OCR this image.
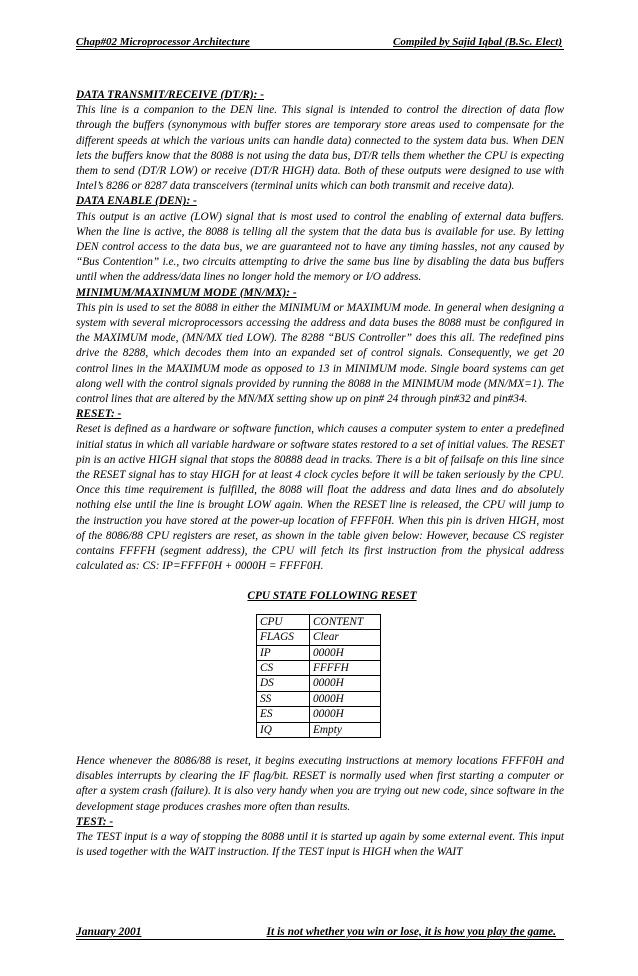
Chap#02 Microprocessor Architecture	Compiled by Sajid Iqbal (B.Sc. Elect)
DATA TRANSMIT/RECEIVE (DT/R): -

This line is a companion to the DEN line. This signal is intended to control the direction of data flow through the buffers (synonymous with buffer stores are temporary store areas used to compensate for the different speeds at which the various units can handle data) connected to the system data bus. When DEN lets the buffers know that the 8088 is not using the data bus, DT/R tells them whether the CPU is expecting them to send (DT/R LOW) or receive (DT/R HIGH) data. Both of these outputs were designed to use with Intel’s 8286 or 8287 data transceivers (terminal units which can both transmit and receive data).

DATA ENABLE (DEN): -

This output is an active (LOW) signal that is most used to control the enabling of external data buffers. When the line is active, the 8088 is telling all the system that the data bus is available for use. By letting DEN control access to the data bus, we are guaranteed not to have any timing hassles, not any caused by “Bus Contention” i.e., two circuits attempting to drive the same bus line by disabling the data bus buffers until when the address/data lines no longer hold the memory or I/O address.

MINIMUM/MAXINMUM MODE (MN/MX): -

This pin is used to set the 8088 in either the MINIMUM or MAXIMUM mode. In general when designing a system with several microprocessors accessing the address and data buses the 8088 must be configured in the MAXIMUM mode, (MN/MX tied LOW). The 8288 “BUS Controller” does this all. The redefined pins drive the 8288, which decodes them into an expanded set of control signals. Consequently, we get 20 control lines in the MAXIMUM mode as opposed to 13 in MINIMUM mode. Single board systems can get along well with the control signals provided by running the 8088 in the MINIMUM mode (MN/MX=1). The control lines that are altered by the MN/MX setting show up on pin# 24 through pin#32 and pin#34.

RESET: -

Reset is defined as a hardware or software function, which causes a computer system to enter a predefined initial status in which all variable hardware or software states restored to a set of initial values. The RESET pin is an active HIGH signal that stops the 80888 dead in tracks. There is a bit of failsafe on this line since the RESET signal has to stay HIGH for at least 4 clock cycles before it will be taken seriously by the CPU. Once this time requirement is fulfilled, the 8088 will float the address and data lines and do absolutely nothing else until the line is brought LOW again. When the RESET line is released, the CPU will jump to the instruction you have stored at the power-up location of FFFF0H. When this pin is driven HIGH, most of the 8086/88 CPU registers are reset, as shown in the table given below: However, because CS register contains FFFFH (segment address), the CPU will fetch its first instruction from the physical address calculated as: CS: IP=FFFF0H + 0000H = FFFF0H.

CPU STATE FOLLOWING RESET
CPU	CONTENT
FLAGS	Clear
IP	0000H
CS	FFFFH
DS	0000H
SS	0000H
ES	0000H
IQ	Empty

Hence whenever the 8086/88 is reset, it begins executing instructions at memory locations FFFF0H and disables interrupts by clearing the IF flag/bit. RESET is normally used when first starting a computer or after a system crash (failure). It is also very handy when you are trying out new code, since software in the development stage produces crashes more often than results.

TEST: -

The TEST input is a way of stopping the 8088 until it is started up again by some external event. This input is used together with the WAIT instruction. If the TEST input is HIGH when the WAIT

January 2001	It is not whether you win or lose, it is how you play the game.
